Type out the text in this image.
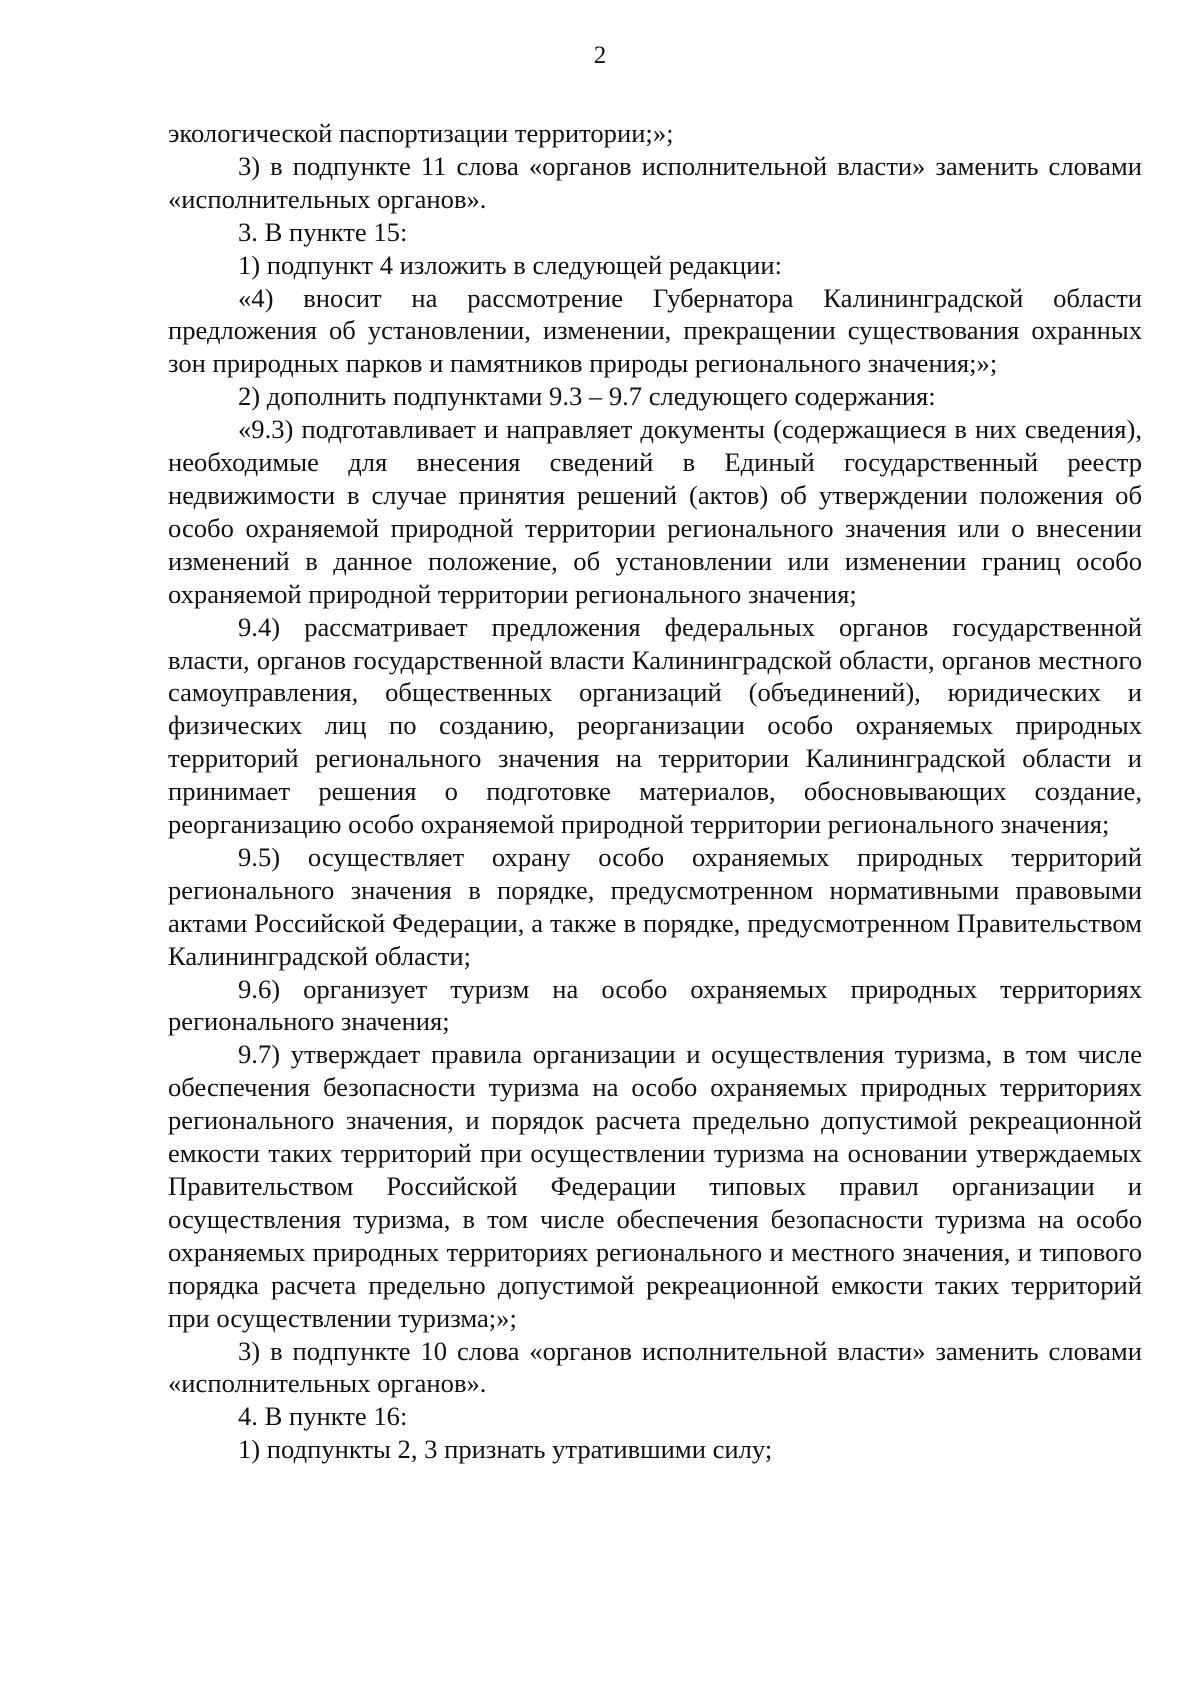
2

экологической паспортизации территории;»;

3) в подпункте 11 слова «органов исполнительной власти» заменить словами «исполнительных органов».

3. В пункте 15:

1) подпункт 4 изложить в следующей редакции:

«4) вносит на рассмотрение Губернатора Калининградской области предложения об установлении, изменении, прекращении существования охранных зон природных парков и памятников природы регионального значения;»;

2) дополнить подпунктами 9.3 – 9.7 следующего содержания:

«9.3) подготавливает и направляет документы (содержащиеся в них сведения), необходимые для внесения сведений в Единый государственный реестр недвижимости в случае принятия решений (актов) об утверждении положения об особо охраняемой природной территории регионального значения или о внесении изменений в данное положение, об установлении или изменении границ особо охраняемой природной территории регионального значения;

9.4) рассматривает предложения федеральных органов государственной власти, органов государственной власти Калининградской области, органов местного самоуправления, общественных организаций (объединений), юридических и физических лиц по созданию, реорганизации особо охраняемых природных территорий регионального значения на территории Калининградской области и принимает решения о подготовке материалов, обосновывающих создание, реорганизацию особо охраняемой природной территории регионального значения;

9.5) осуществляет охрану особо охраняемых природных территорий регионального значения в порядке, предусмотренном нормативными правовыми актами Российской Федерации, а также в порядке, предусмотренном Правительством Калининградской области;

9.6) организует туризм на особо охраняемых природных территориях регионального значения;

9.7) утверждает правила организации и осуществления туризма, в том числе обеспечения безопасности туризма на особо охраняемых природных территориях регионального значения, и порядок расчета предельно допустимой рекреационной емкости таких территорий при осуществлении туризма на основании утверждаемых Правительством Российской Федерации типовых правил организации и осуществления туризма, в том числе обеспечения безопасности туризма на особо охраняемых природных территориях регионального и местного значения, и типового порядка расчета предельно допустимой рекреационной емкости таких территорий при осуществлении туризма;»;

3) в подпункте 10 слова «органов исполнительной власти» заменить словами «исполнительных органов».

4. В пункте 16:

1) подпункты 2, 3 признать утратившими силу;
